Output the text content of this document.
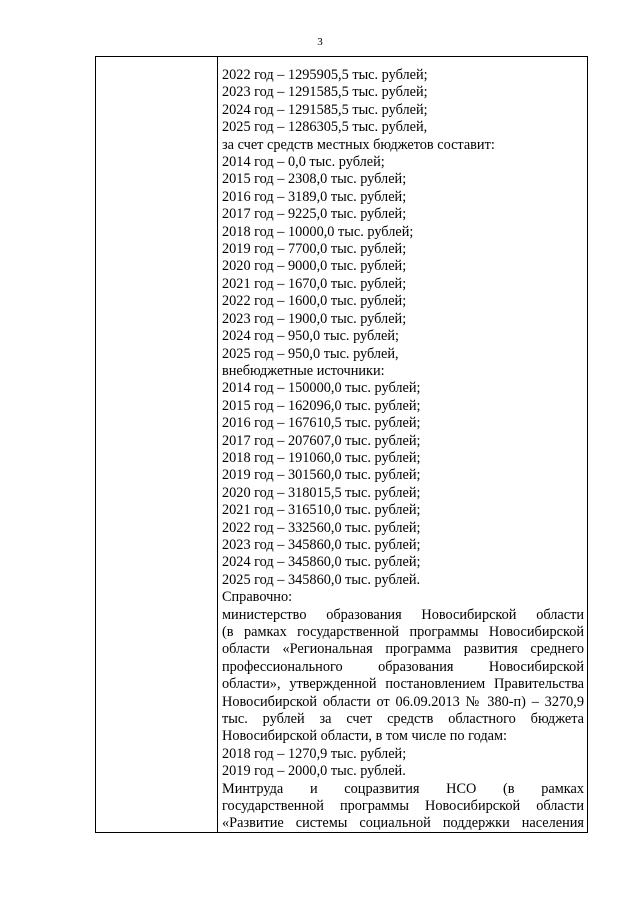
3
2022 год – 1295905,5 тыс. рублей;
2023 год – 1291585,5 тыс. рублей;
2024 год – 1291585,5 тыс. рублей;
2025 год – 1286305,5 тыс. рублей,
за счет средств местных бюджетов составит:
2014 год – 0,0 тыс. рублей;
2015 год – 2308,0 тыс. рублей;
2016 год – 3189,0 тыс. рублей;
2017 год – 9225,0 тыс. рублей;
2018 год – 10000,0 тыс. рублей;
2019 год – 7700,0 тыс. рублей;
2020 год – 9000,0 тыс. рублей;
2021 год – 1670,0 тыс. рублей;
2022 год – 1600,0 тыс. рублей;
2023 год – 1900,0 тыс. рублей;
2024 год – 950,0 тыс. рублей;
2025 год – 950,0 тыс. рублей,
внебюджетные источники:
2014 год – 150000,0 тыс. рублей;
2015 год – 162096,0 тыс. рублей;
2016 год – 167610,5 тыс. рублей;
2017 год – 207607,0 тыс. рублей;
2018 год – 191060,0 тыс. рублей;
2019 год – 301560,0 тыс. рублей;
2020 год – 318015,5 тыс. рублей;
2021 год – 316510,0 тыс. рублей;
2022 год – 332560,0 тыс. рублей;
2023 год – 345860,0 тыс. рублей;
2024 год – 345860,0 тыс. рублей;
2025 год – 345860,0 тыс. рублей.
Справочно:
министерство образования Новосибирской области
(в рамках государственной программы Новосибирской
области «Региональная программа развития среднего
профессионального образования Новосибирской
области», утвержденной постановлением Правительства
Новосибирской области от 06.09.2013 № 380-п) – 3270,9
тыс. рублей за счет средств областного бюджета
Новосибирской области, в том числе по годам:
2018 год – 1270,9 тыс. рублей;
2019 год – 2000,0 тыс. рублей.
Минтруда и соцразвития НСО (в рамках
государственной программы Новосибирской области
«Развитие системы социальной поддержки населения
